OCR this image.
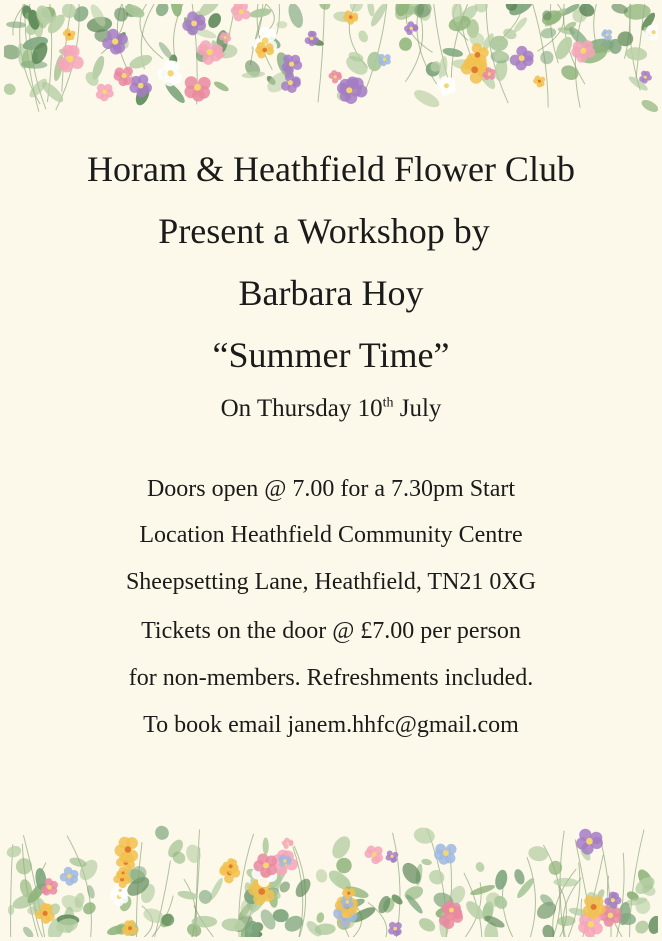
Horam & Heathfield Flower Club
Present a Workshop by
Barbara Hoy
“Summer Time”
On Thursday 10th July
Doors open @ 7.00 for a 7.30pm Start
Location Heathfield Community Centre
Sheepsetting Lane, Heathfield, TN21 0XG
Tickets on the door @ £7.00 per person
for non-members. Refreshments included.
To book email janem.hhfc@gmail.com
